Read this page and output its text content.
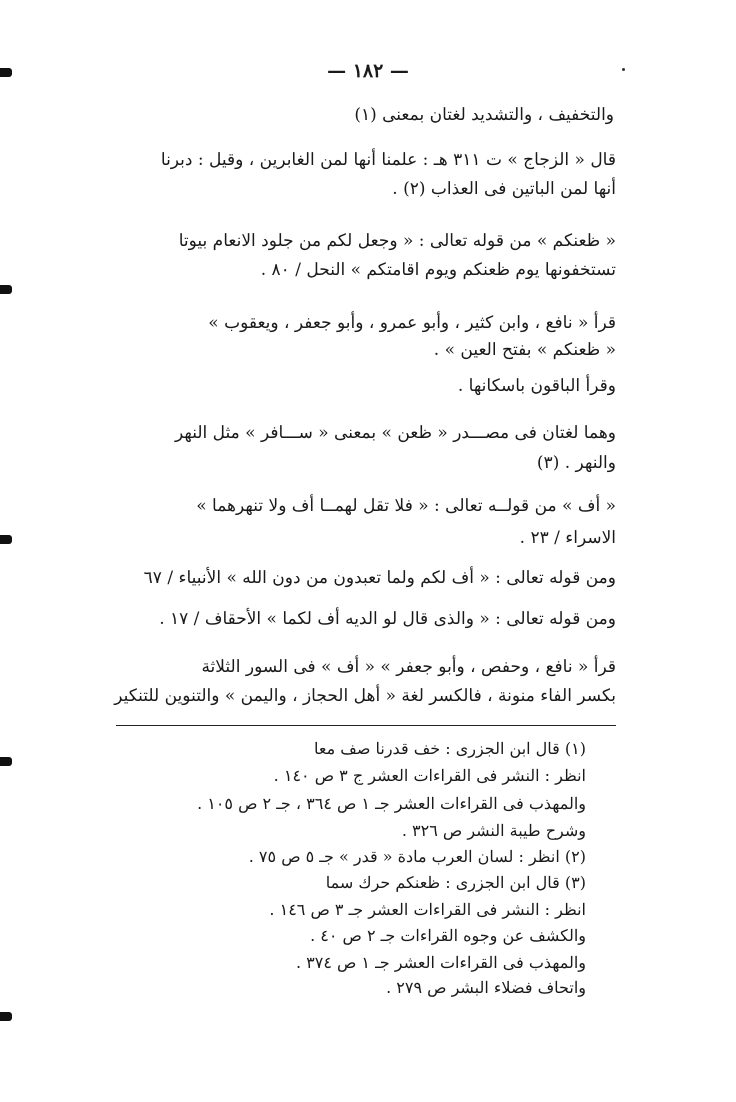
— ١٨٢ —
والتخفيف ، والتشديد لغتان بمعنى (١)
قال « الزجاج » ت ٣١١ هـ : علمنا أنها لمن الغابرين ، وقيل : دبرنا
أنها لمن الباتين فى العذاب (٢) .
« ظعنكم » من قوله تعالى : « وجعل لكم من جلود الانعام بيوتا
تستخفونها يوم ظعنكم ويوم اقامتكم » النحل / ٨٠ .
قرأ « نافع ، وابن كثير ، وأبو عمرو ، وأبو جعفر ، ويعقوب »
« ظعنكم » بفتح العين » .
وقرأ الباقون باسكانها .
وهما لغتان فى مصـــدر « ظعن » بمعنى « ســـافر » مثل النهر
والنهر . (٣)
« أف » من قولــه تعالى : « فلا تقل لهمــا أف ولا تنهرهما »
الاسراء / ٢٣ .
ومن قوله تعالى : « أف لكم ولما تعبدون من دون الله » الأنبياء / ٦٧
ومن قوله تعالى : « والذى قال لو الديه أف لكما » الأحقاف / ١٧ .
قرأ « نافع ، وحفص ، وأبو جعفر » « أف » فى السور الثلاثة
بكسر الفاء منونة ، فالكسر لغة « أهل الحجاز ، واليمن » والتنوين للتنكير
(١) قال ابن الجزرى : خف قدرنا صف معا
انظر : النشر فى القراءات العشر ج ٣ ص ١٤٠ .
والمهذب فى القراءات العشر جـ ١ ص ٣٦٤ ، جـ ٢ ص ١٠٥ .
وشرح طيبة النشر ص ٣٢٦ .
(٢) انظر : لسان العرب مادة « قدر » جـ ٥ ص ٧٥ .
(٣) قال ابن الجزرى : ظعنكم حرك سما
انظر : النشر فى القراءات العشر جـ ٣ ص ١٤٦ .
والكشف عن وجوه القراءات جـ ٢ ص ٤٠ .
والمهذب فى القراءات العشر جـ ١ ص ٣٧٤ .
واتحاف فضلاء البشر ص ٢٧٩ .
